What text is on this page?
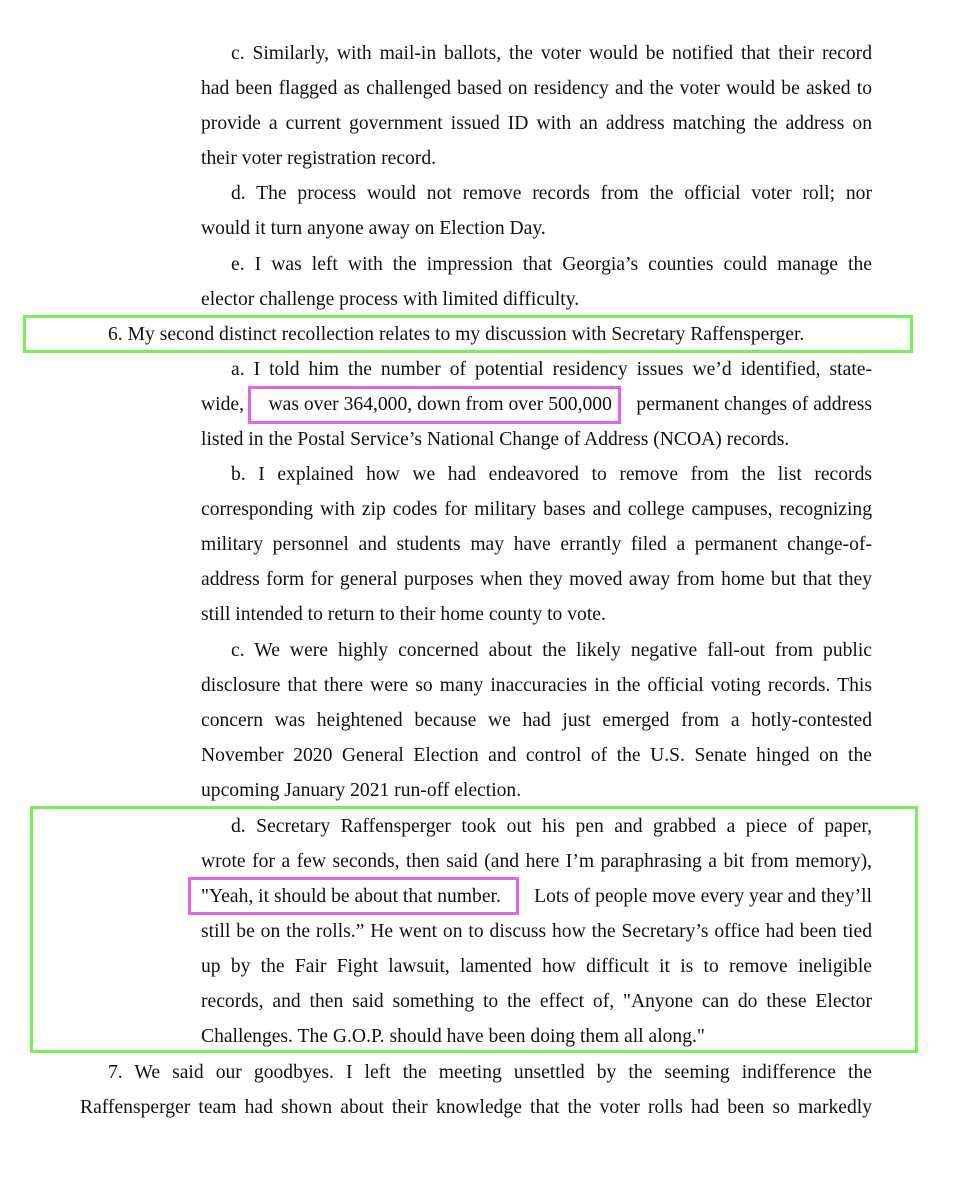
c. Similarly, with mail-in ballots, the voter would be notified that their record
had been flagged as challenged based on residency and the voter would be asked to
provide a current government issued ID with an address matching the address on
their voter registration record.
d. The process would not remove records from the official voter roll; nor
would it turn anyone away on Election Day.
e. I was left with the impression that Georgia’s counties could manage the
elector challenge process with limited difficulty.
6. My second distinct recollection relates to my discussion with Secretary Raffensperger.
a. I told him the number of potential residency issues we’d identified, state-
wide, was over 364,000, down from over 500,000 permanent changes of address
listed in the Postal Service’s National Change of Address (NCOA) records.
b. I explained how we had endeavored to remove from the list records
corresponding with zip codes for military bases and college campuses, recognizing
military personnel and students may have errantly filed a permanent change-of-
address form for general purposes when they moved away from home but that they
still intended to return to their home county to vote.
c. We were highly concerned about the likely negative fall-out from public
disclosure that there were so many inaccuracies in the official voting records. This
concern was heightened because we had just emerged from a hotly-contested
November 2020 General Election and control of the U.S. Senate hinged on the
upcoming January 2021 run-off election.
d. Secretary Raffensperger took out his pen and grabbed a piece of paper,
wrote for a few seconds, then said (and here I’m paraphrasing a bit from memory),
"Yeah, it should be about that number. Lots of people move every year and they’ll
still be on the rolls.” He went on to discuss how the Secretary’s office had been tied
up by the Fair Fight lawsuit, lamented how difficult it is to remove ineligible
records, and then said something to the effect of, "Anyone can do these Elector
Challenges. The G.O.P. should have been doing them all along."
7. We said our goodbyes. I left the meeting unsettled by the seeming indifference the
Raffensperger team had shown about their knowledge that the voter rolls had been so markedly
